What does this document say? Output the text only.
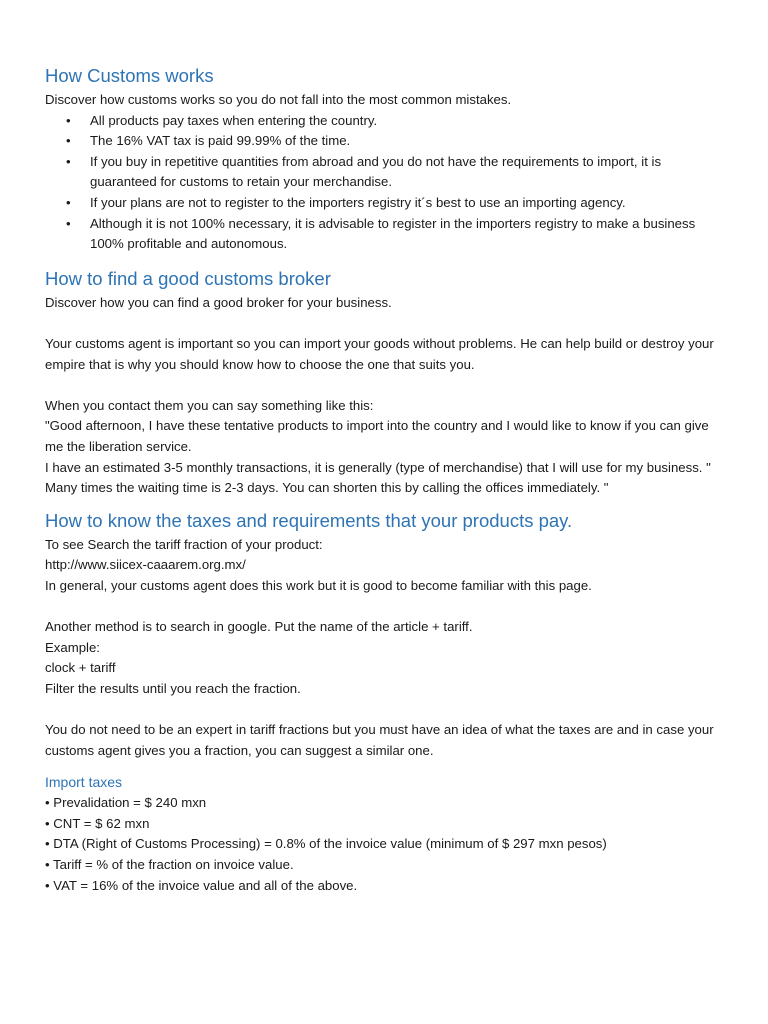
How Customs works

Discover how customs works so you do not fall into the most common mistakes.

• All products pay taxes when entering the country.
• The 16% VAT tax is paid 99.99% of the time.
• If you buy in repetitive quantities from abroad and you do not have the requirements to import, it is guaranteed for customs to retain your merchandise.
• If your plans are not to register to the importers registry it´s best to use an importing agency.
• Although it is not 100% necessary, it is advisable to register in the importers registry to make a business 100% profitable and autonomous.
How to find a good customs broker

Discover how you can find a good broker for your business.

Your customs agent is important so you can import your goods without problems. He can help build or destroy your empire that is why you should know how to choose the one that suits you.

When you contact them you can say something like this:

"Good afternoon, I have these tentative products to import into the country and I would like to know if you can give me the liberation service.

I have an estimated 3-5 monthly transactions, it is generally (type of merchandise) that I will use for my business. "

Many times the waiting time is 2-3 days. You can shorten this by calling the offices immediately. "

How to know the taxes and requirements that your products pay.

To see Search the tariff fraction of your product:

http://www.siicex-caaarem.org.mx/

In general, your customs agent does this work but it is good to become familiar with this page.

Another method is to search in google. Put the name of the article + tariff.

Example:

clock + tariff

Filter the results until you reach the fraction.

You do not need to be an expert in tariff fractions but you must have an idea of what the taxes are and in case your customs agent gives you a fraction, you can suggest a similar one.

Import taxes
• Prevalidation = $ 240 mxn
• CNT = $ 62 mxn
• DTA (Right of Customs Processing) = 0.8% of the invoice value (minimum of $ 297 mxn pesos)
• Tariff = % of the fraction on invoice value.
• VAT = 16% of the invoice value and all of the above.
